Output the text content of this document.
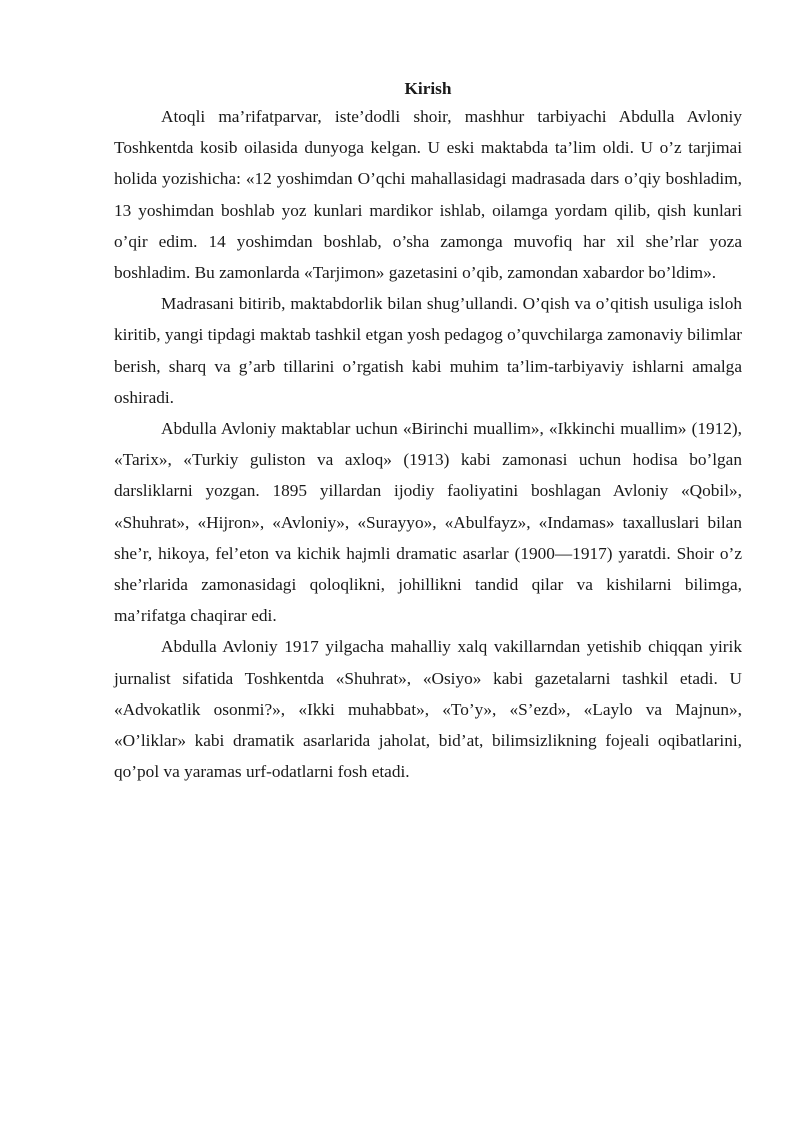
Kirish

Atoqli ma’rifatparvar, iste’dodli shoir, mashhur tarbiyachi Abdulla Avloniy Toshkentda kosib oilasida dunyoga kelgan. U eski maktabda ta’lim oldi. U o’z tarjimai holida yozishicha: «12 yoshimdan O’qchi mahallasidagi madrasada dars o’qiy boshladim, 13 yoshimdan boshlab yoz kunlari mardikor ishlab, oilamga yordam qilib, qish kunlari o’qir edim. 14 yoshimdan boshlab, o’sha zamonga muvofiq har xil she’rlar yoza boshladim. Bu zamonlarda «Tarjimon» gazetasini o’qib, zamondan xabardor bo’ldim».

Madrasani bitirib, maktabdorlik bilan shug’ullandi. O’qish va o’qitish usuliga isloh kiritib, yangi tipdagi maktab tashkil etgan yosh pedagog o’quvchilarga zamonaviy bilimlar berish, sharq va g’arb tillarini o’rgatish kabi muhim ta’lim-tarbiyaviy ishlarni amalga oshiradi.

Abdulla Avloniy maktablar uchun «Birinchi muallim», «Ikkinchi muallim» (1912), «Tarix», «Turkiy guliston va axloq» (1913) kabi zamonasi uchun hodisa bo’lgan darsliklarni yozgan. 1895 yillardan ijodiy faoliyatini boshlagan Avloniy «Qobil», «Shuhrat», «Hijron», «Avloniy», «Surayyo», «Abulfayz», «Indamas» taxalluslari bilan she’r, hikoya, fel’eton va kichik hajmli dramatic asarlar (1900—1917) yaratdi. Shoir o’z she’rlarida zamonasidagi qoloqlikni, johillikni tandid qilar va kishilarni bilimga, ma’rifatga chaqirar edi.

Abdulla Avloniy 1917 yilgacha mahalliy xalq vakillarndan yetishib chiqqan yirik jurnalist sifatida Toshkentda «Shuhrat», «Osiyo» kabi gazetalarni tashkil etadi. U «Advokatlik osonmi?», «Ikki muhabbat», «To’y», «S’ezd», «Laylo va Majnun», «O’liklar» kabi dramatik asarlarida jaholat, bid’at, bilimsizlikning fojeali oqibatlarini, qo’pol va yaramas urf-odatlarni fosh etadi.
